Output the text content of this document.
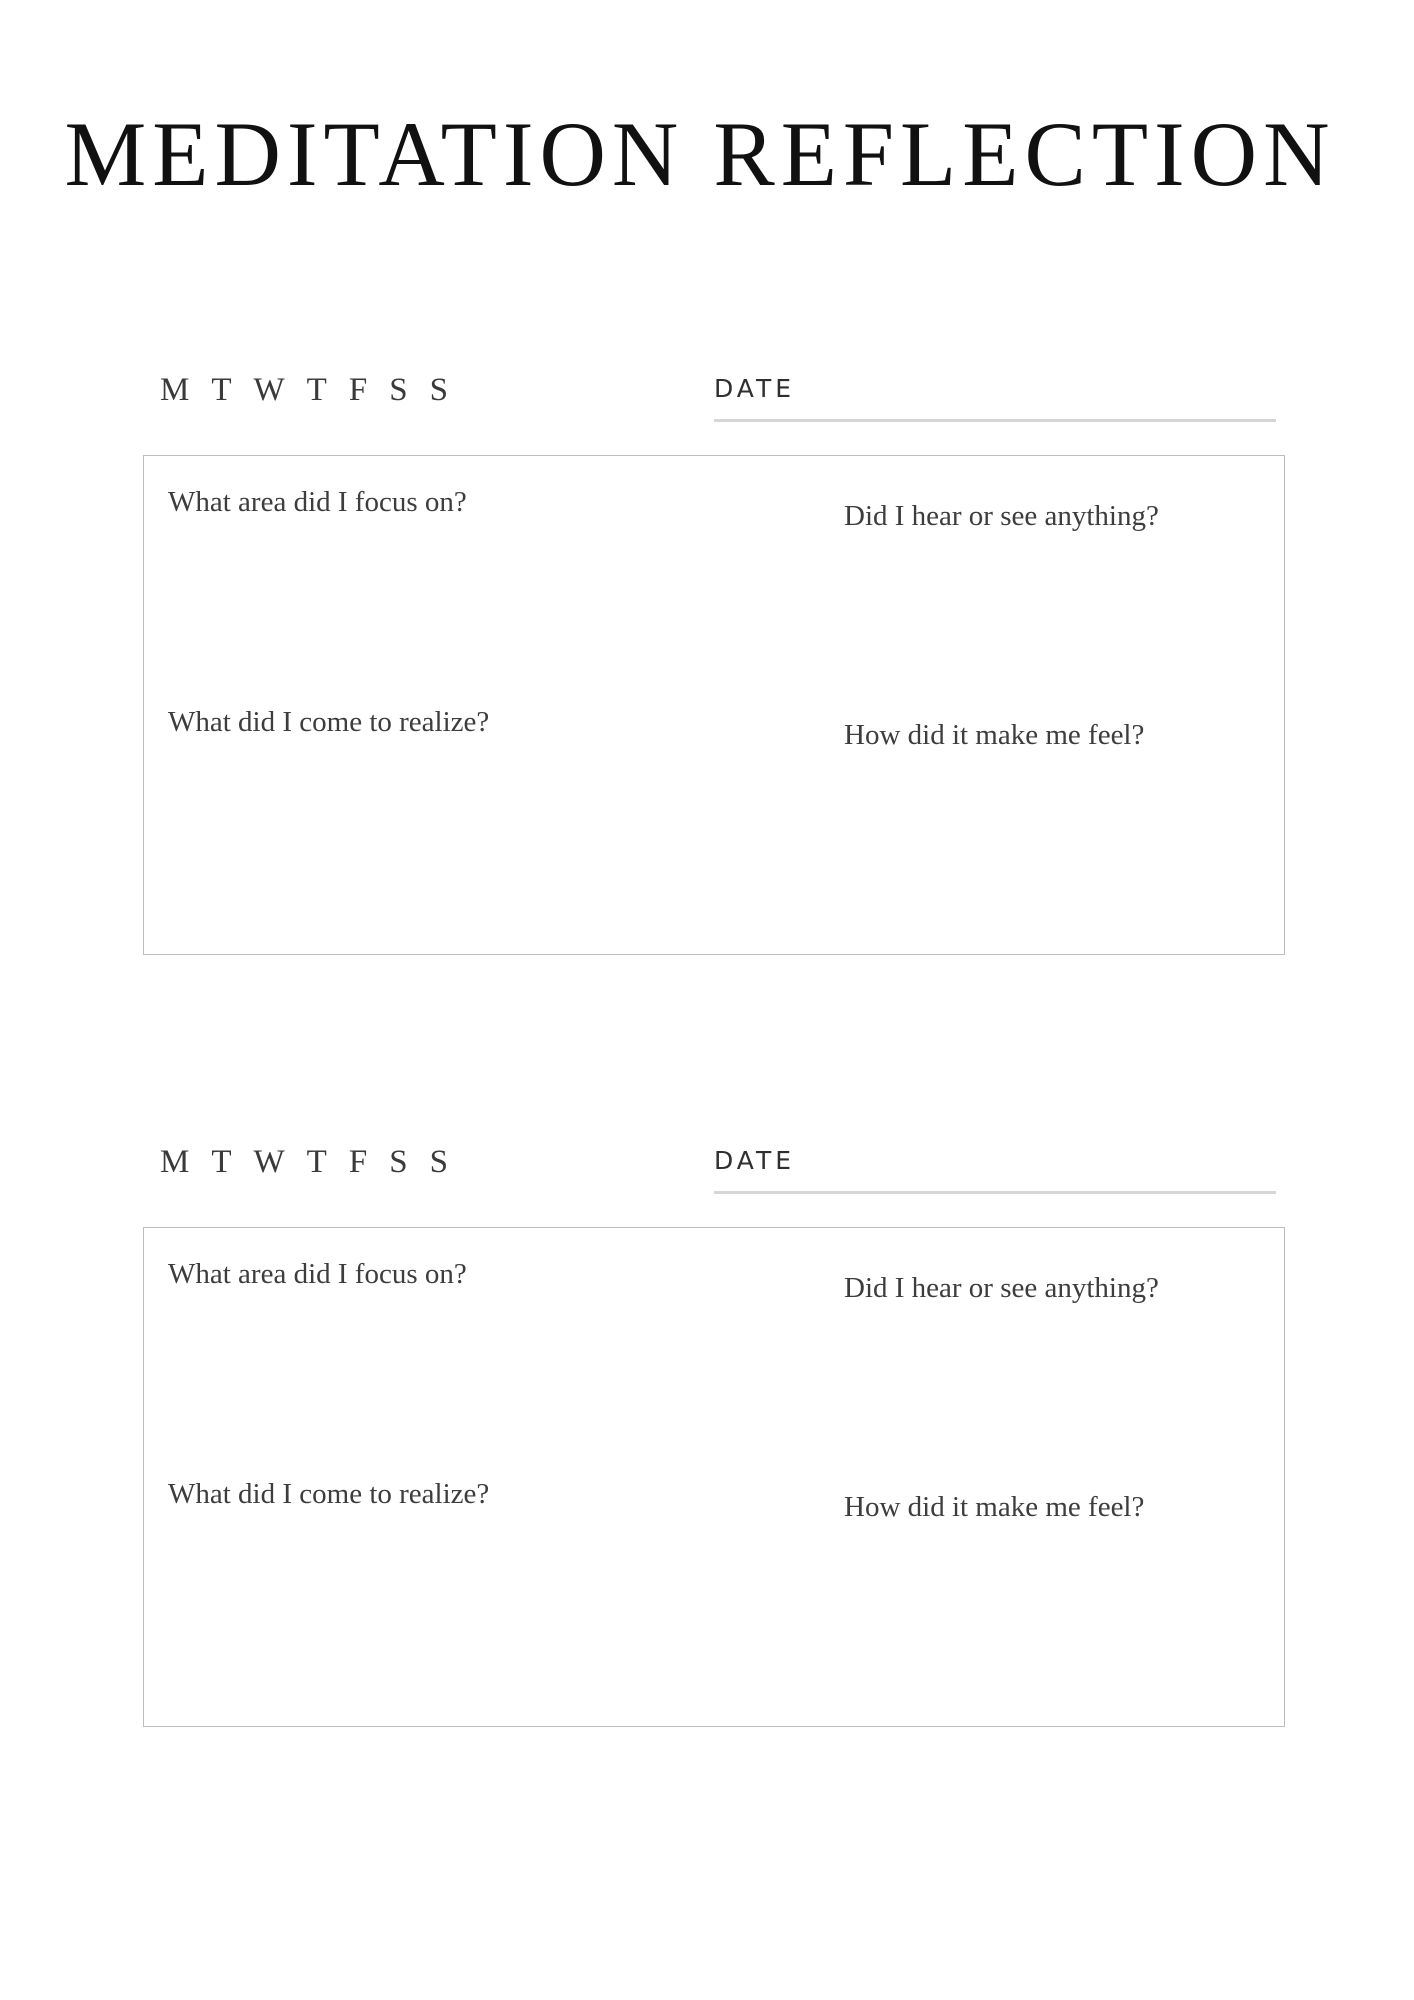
MEDITATION REFLECTION
M T W T F S S	DATE
What area did I focus on?	Did I hear or see anything?
What did I come to realize?	How did it make me feel?
M T W T F S S	DATE
What area did I focus on?	Did I hear or see anything?
What did I come to realize?	How did it make me feel?
